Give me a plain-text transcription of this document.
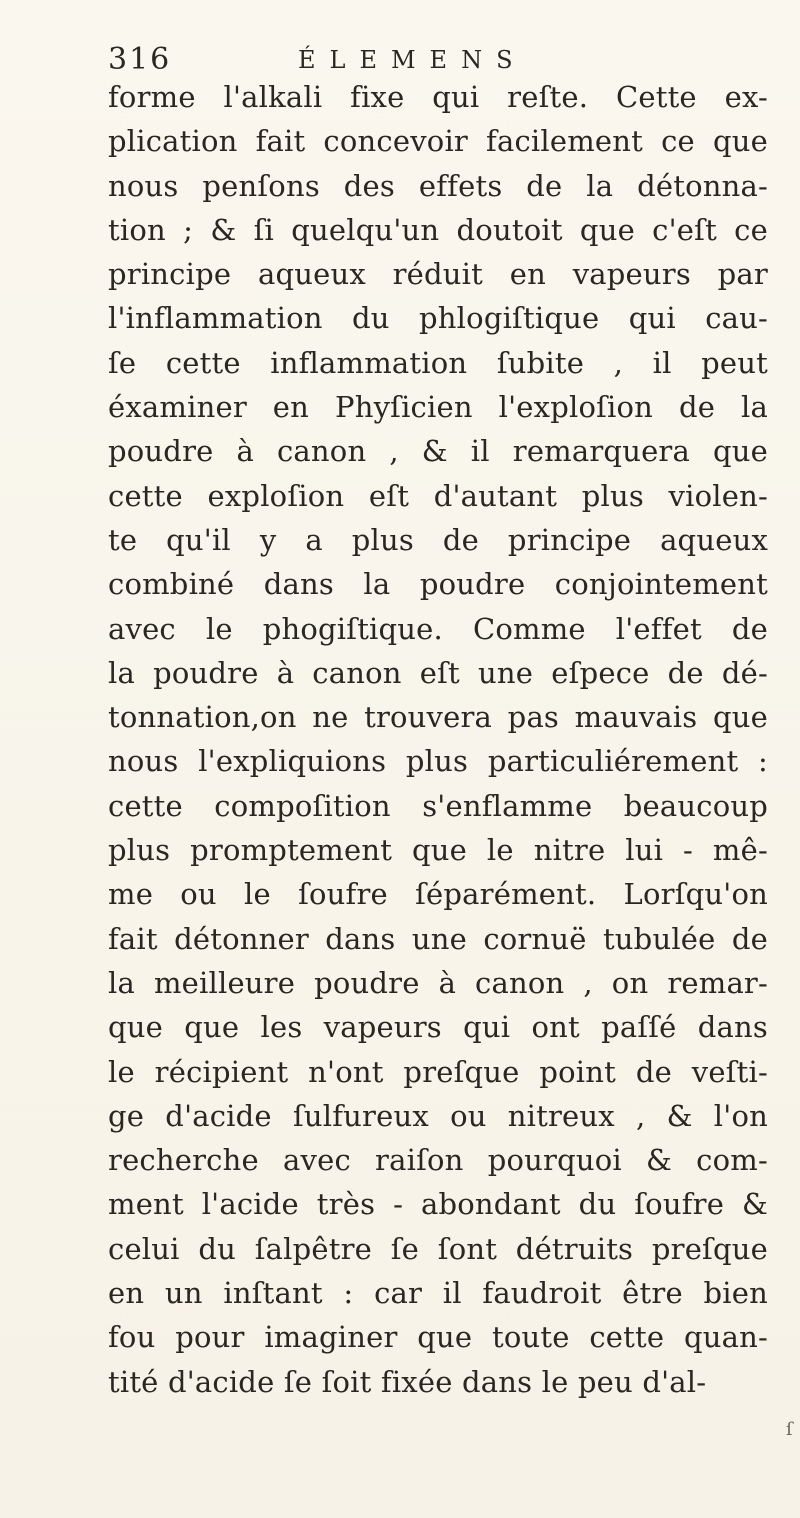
316	ÉLEMENS
forme l'alkali fixe qui reſte. Cette ex-
plication fait concevoir facilement ce que
nous penſons des effets de la détonna-
tion ; & ſi quelqu'un doutoit que c'eſt ce
principe aqueux réduit en vapeurs par
l'inflammation du phlogiſtique qui cau-
ſe cette inflammation ſubite , il peut
éxaminer en Phyſicien l'exploſion de la
poudre à canon , & il remarquera que
cette exploſion eſt d'autant plus violen-
te qu'il y a plus de principe aqueux
combiné dans la poudre conjointement
avec le phogiſtique. Comme l'effet de
la poudre à canon eſt une eſpece de dé-
tonnation,on ne trouvera pas mauvais que
nous l'expliquions plus particuliérement :
cette compoſition s'enflamme beaucoup
plus promptement que le nitre lui - mê-
me ou le ſoufre ſéparément. Lorſqu'on
fait détonner dans une cornuë tubulée de
la meilleure poudre à canon , on remar-
que que les vapeurs qui ont paſſé dans
le récipient n'ont preſque point de veſti-
ge d'acide ſulfureux ou nitreux , & l'on
recherche avec raiſon pourquoi & com-
ment l'acide très - abondant du ſoufre &
celui du ſalpêtre ſe ſont détruits preſque
en un inſtant : car il faudroit être bien
fou pour imaginer que toute cette quan-
tité d'acide ſe ſoit fixée dans le peu d'al-
ſ
